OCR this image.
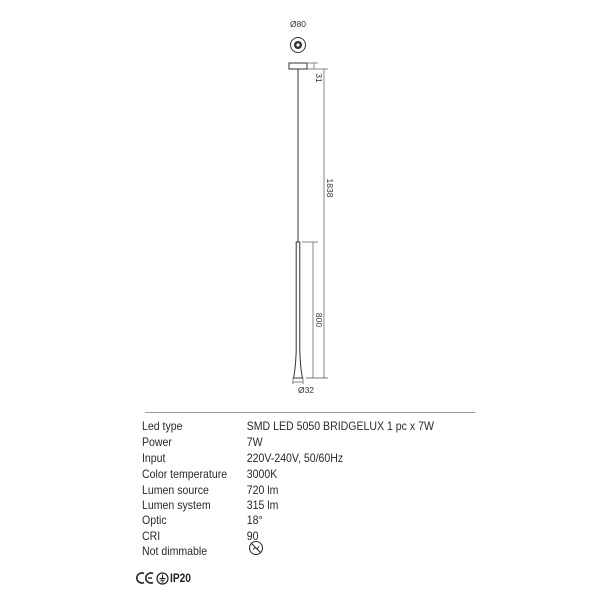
Ø80
31
1838
800
Ø32
Led type	SMD LED 5050 BRIDGELUX 1 pc x 7W
Power	7W
Input	220V-240V, 50/60Hz
Color temperature 3000K
Lumen source	720 lm
Lumen system	315 lm
Optic	18°
CRI	90
Not dimmable
IP20
